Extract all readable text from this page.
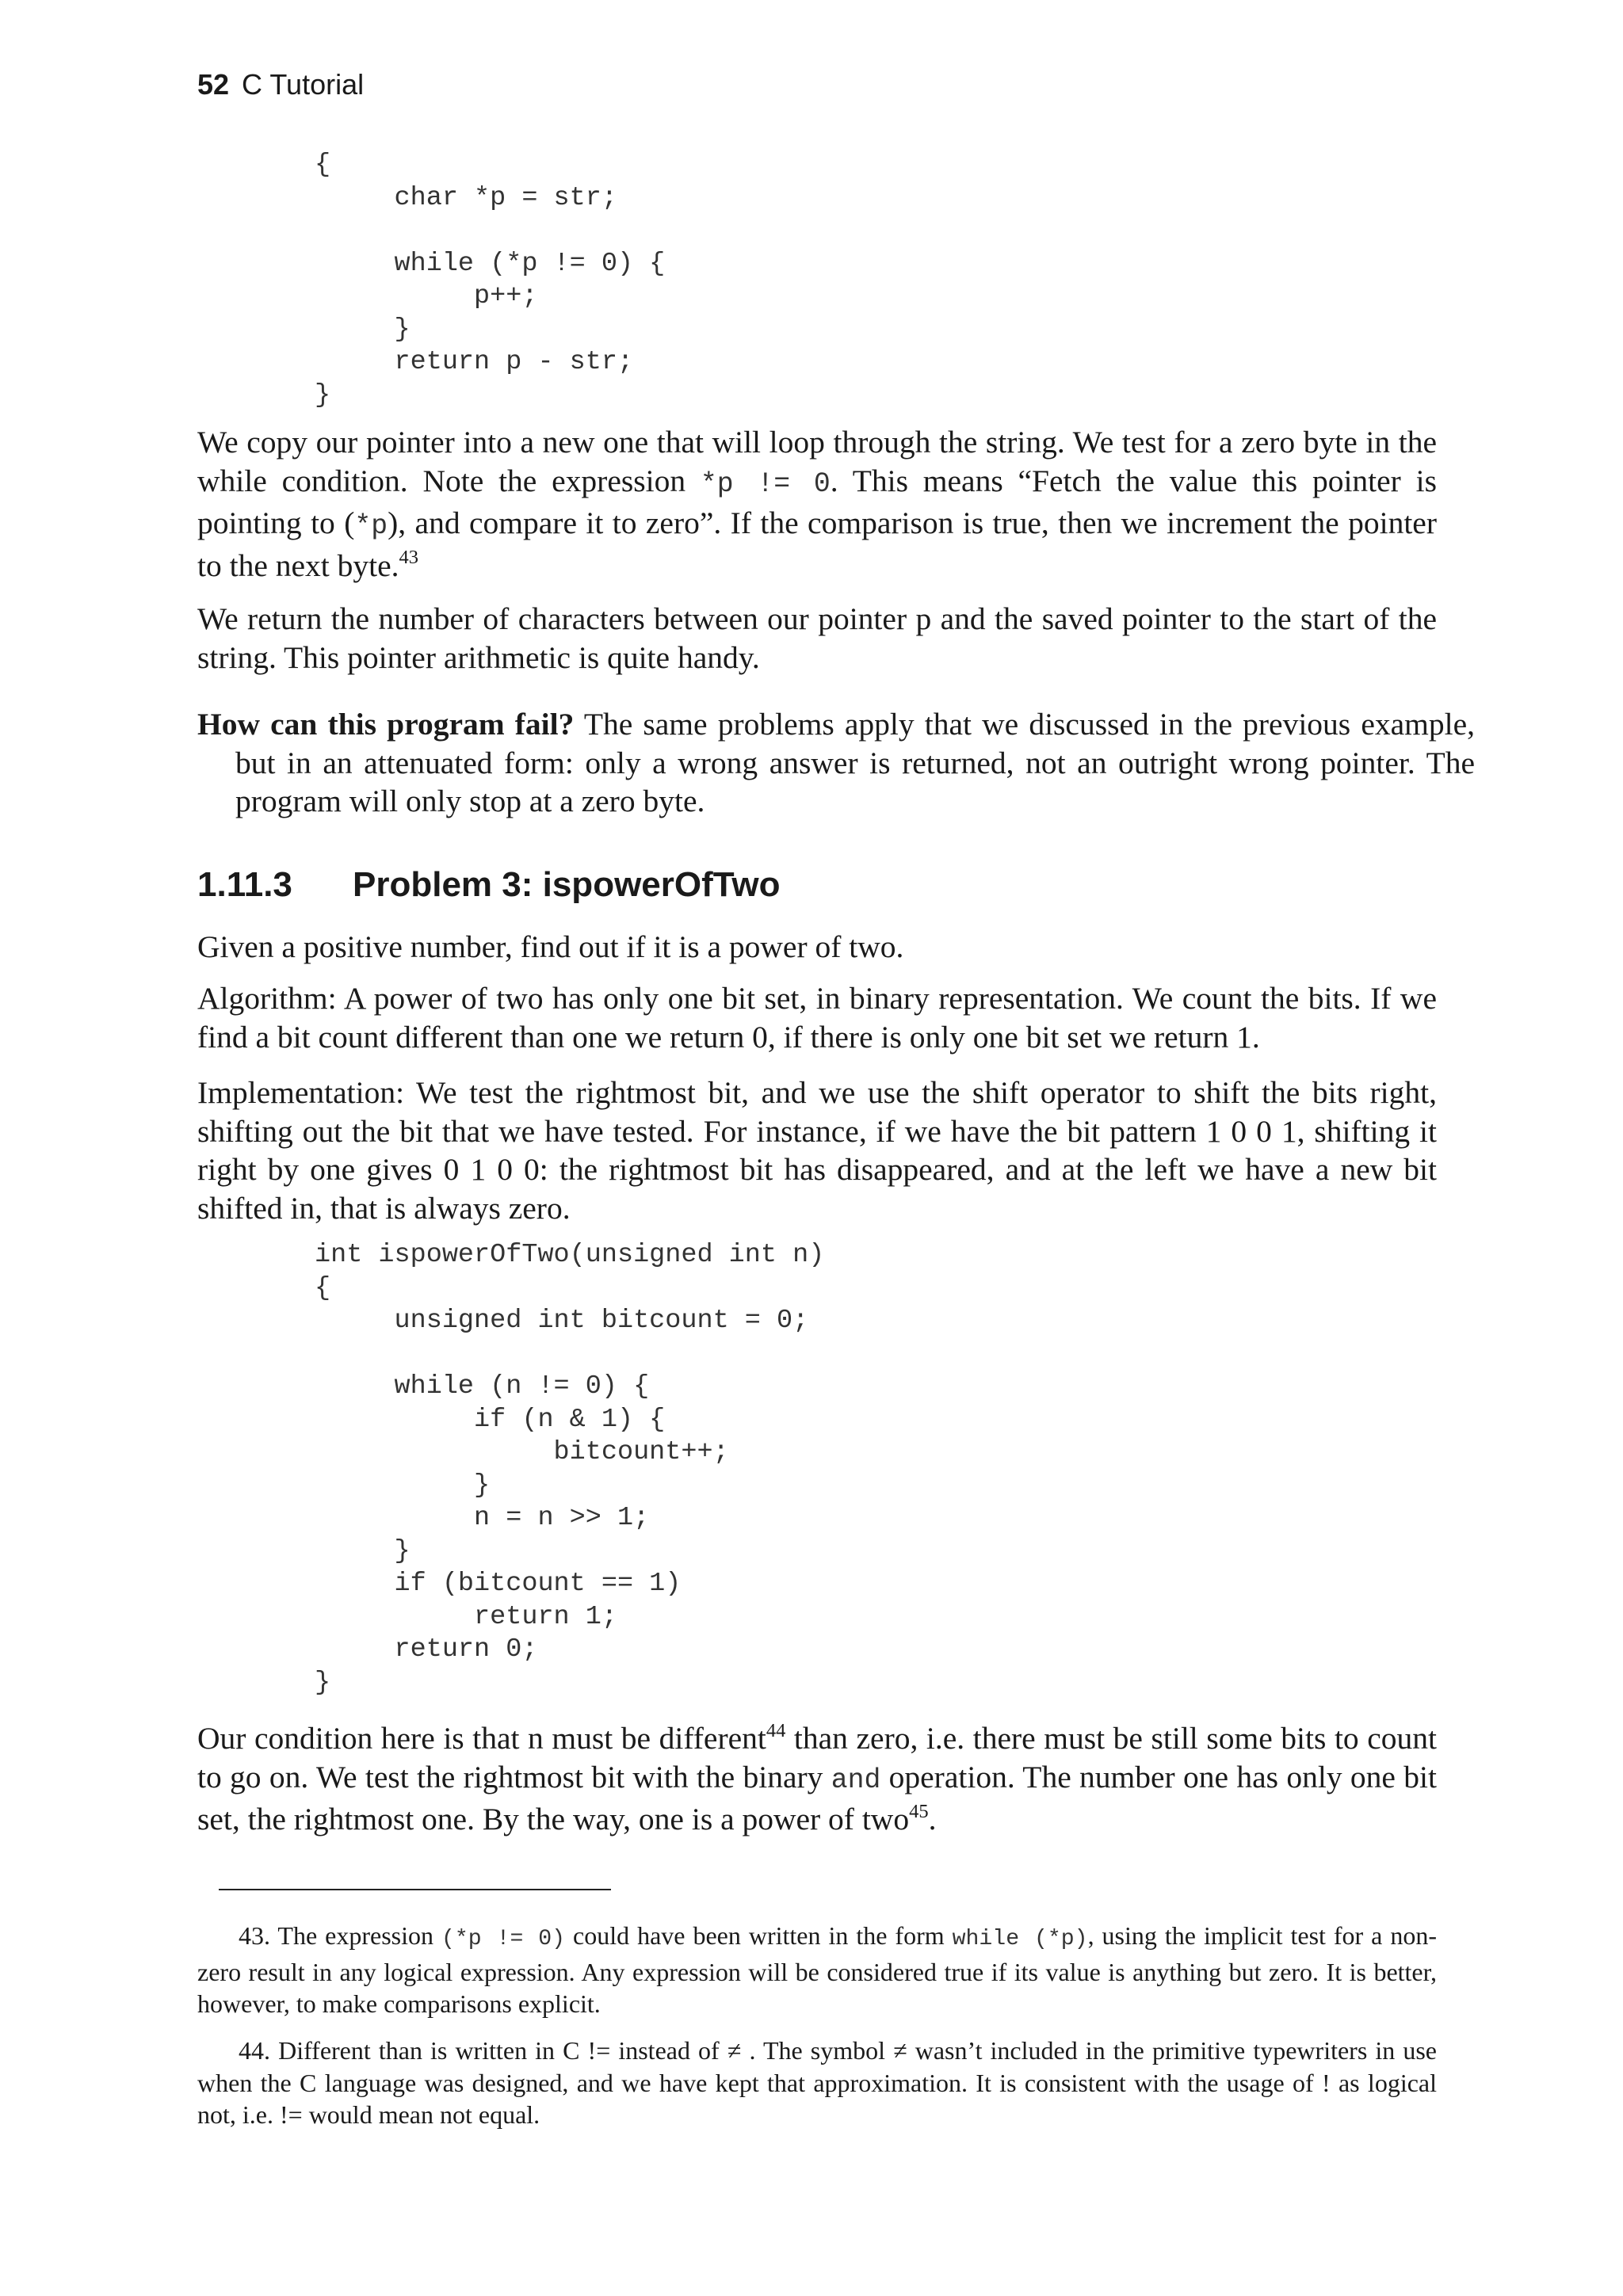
52 C Tutorial
{
char *p = str;

while (*p != 0) {
p++;
}
return p - str;
}

We copy our pointer into a new one that will loop through the string. We test for a zero byte in the while condition. Note the expression *p != 0. This means “Fetch the value this pointer is pointing to (*p), and compare it to zero”. If the comparison is true, then we increment the pointer to the next byte.$^{43}$

We return the number of characters between our pointer p and the saved pointer to the start of the string. This pointer arithmetic is quite handy.

How can this program fail? The same problems apply that we discussed in the previous example, but in an attenuated form: only a wrong answer is returned, not an outright wrong pointer. The program will only stop at a zero byte.

1.11.3 Problem 3: ispowerOfTwo

Given a positive number, find out if it is a power of two.

Algorithm: A power of two has only one bit set, in binary representation. We count the bits. If we find a bit count different than one we return 0, if there is only one bit set we return 1.

Implementation: We test the rightmost bit, and we use the shift operator to shift the bits right, shifting out the bit that we have tested. For instance, if we have the bit pattern 1 0 0 1, shifting it right by one gives 0 1 0 0: the rightmost bit has disappeared, and at the left we have a new bit shifted in, that is always zero.

int ispowerOfTwo(unsigned int n)
{
unsigned int bitcount = 0;

while (n != 0) {
if (n & 1) {
bitcount++;
}
n = n >> 1;
}
if (bitcount == 1)
return 1;
return 0;
}

Our condition here is that n must be different$^{44}$ than zero, i.e. there must be still some bits to count to go on. We test the rightmost bit with the binary and operation. The number one has only one bit set, the rightmost one. By the way, one is a power of two$^{45}$.

43. The expression (*p != 0) could have been written in the form while (*p), using the implicit test for a non-zero result in any logical expression. Any expression will be considered true if its value is anything but zero. It is better, however, to make comparisons explicit.

44. Different than is written in C != instead of ≠ . The symbol ≠ wasn’t included in the primitive typewriters in use when the C language was designed, and we have kept that approximation. It is consistent with the usage of ! as logical not, i.e. != would mean not equal.
